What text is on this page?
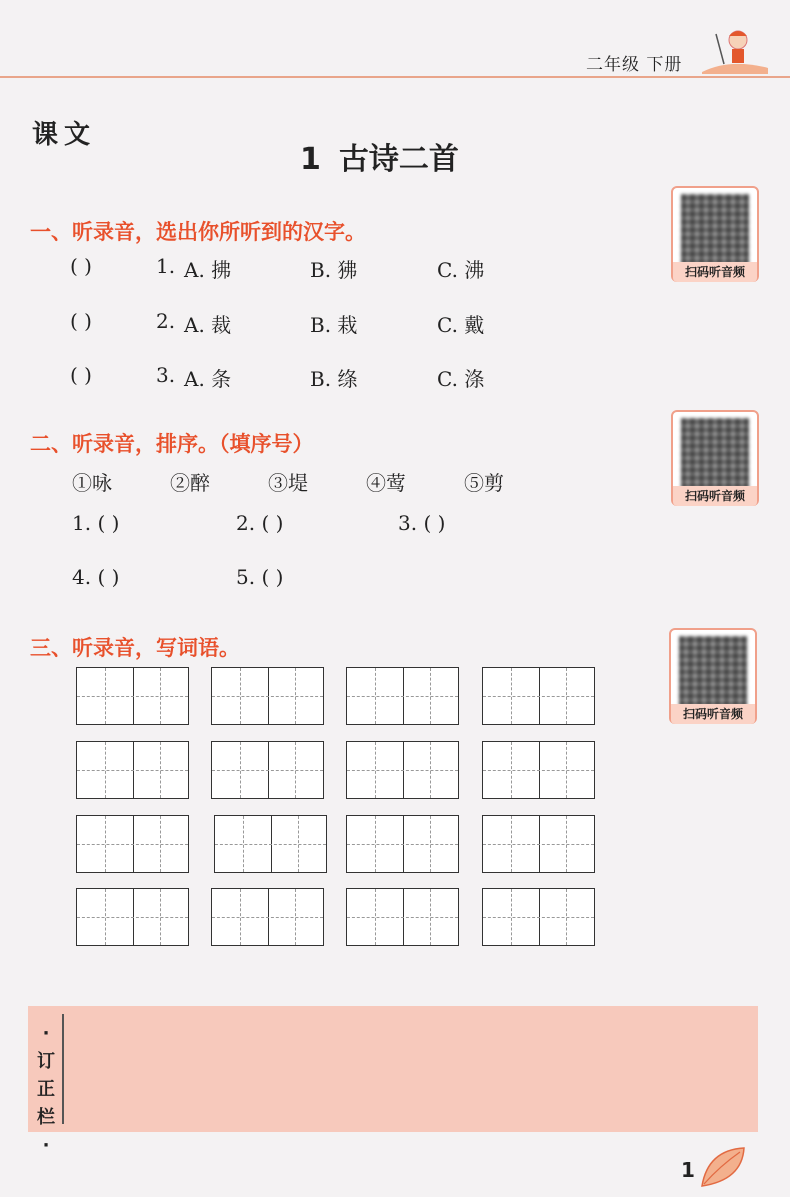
二年级 下册
课文
1 古诗二首
扫码听音频
扫码听音频
扫码听音频
一、听录音，选出你所听到的汉字。
( )	1. A. 拂	B. 狒	C. 沸
( )	2. A. 裁	B. 栽	C. 戴
( )	3. A. 条	B. 绦	C. 涤
二、听录音，排序。（填序号）
①咏	②醉	③堤	④莺	⑤剪
1. ( )	2. ( )	3. ( )
4. ( )	5. ( )
三、听录音，写词语。
·
订
正
栏
·
1
